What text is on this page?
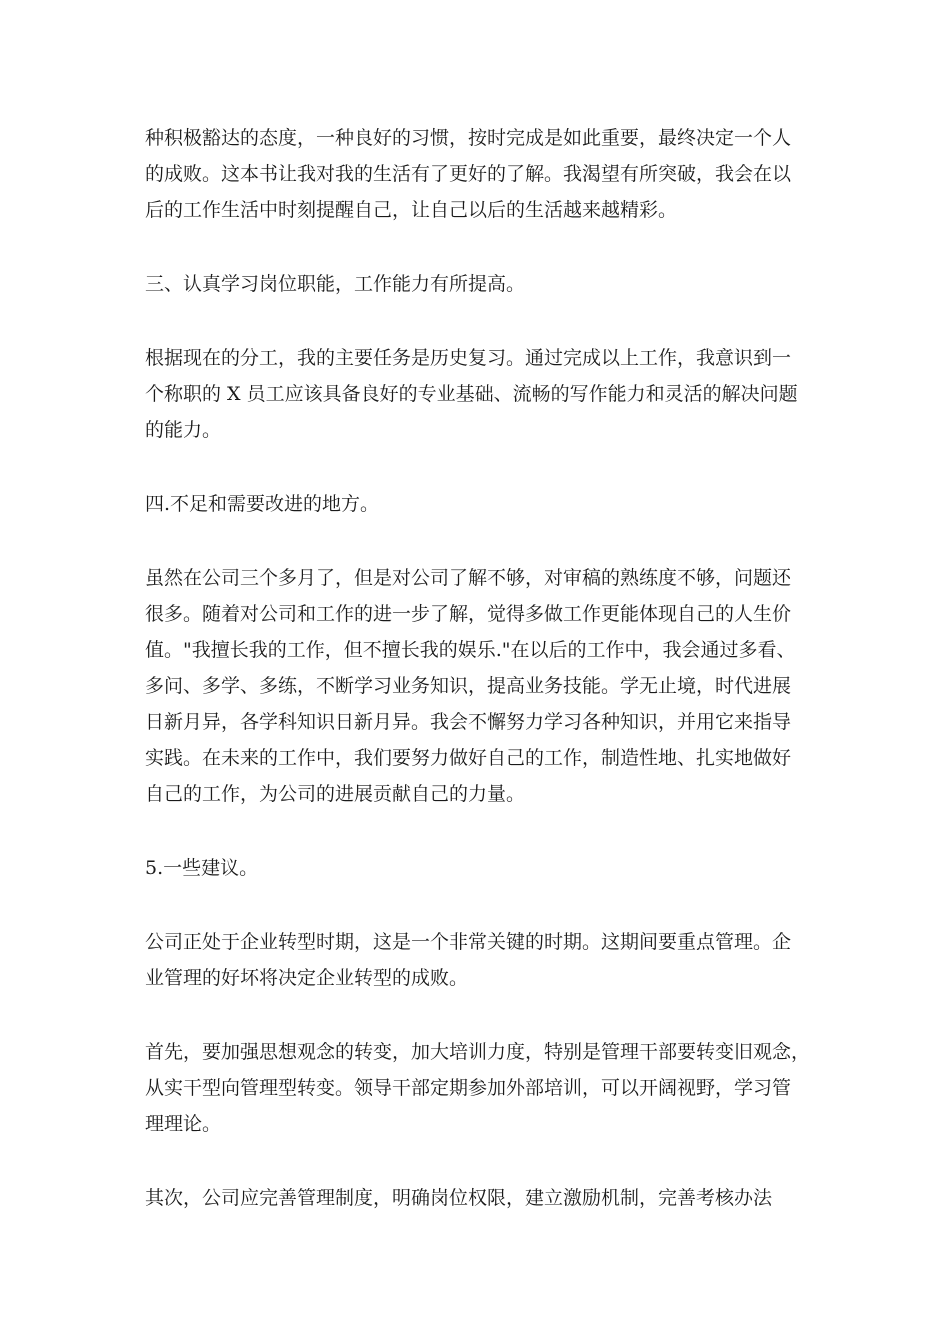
种积极豁达的态度，一种良好的习惯，按时完成是如此重要，最终决定一个人
的成败。这本书让我对我的生活有了更好的了解。我渴望有所突破，我会在以
后的工作生活中时刻提醒自己，让自己以后的生活越来越精彩。

三、认真学习岗位职能，工作能力有所提高。

根据现在的分工，我的主要任务是历史复习。通过完成以上工作，我意识到一
个称职的 X 员工应该具备良好的专业基础、流畅的写作能力和灵活的解决问题
的能力。

四.不足和需要改进的地方。

虽然在公司三个多月了，但是对公司了解不够，对审稿的熟练度不够，问题还
很多。随着对公司和工作的进一步了解，觉得多做工作更能体现自己的人生价
值。"我擅长我的工作，但不擅长我的娱乐."在以后的工作中，我会通过多看、
多问、多学、多练，不断学习业务知识，提高业务技能。学无止境，时代进展
日新月异，各学科知识日新月异。我会不懈努力学习各种知识，并用它来指导
实践。在未来的工作中，我们要努力做好自己的工作，制造性地、扎实地做好
自己的工作，为公司的进展贡献自己的力量。

5.一些建议。

公司正处于企业转型时期，这是一个非常关键的时期。这期间要重点管理。企
业管理的好坏将决定企业转型的成败。

首先，要加强思想观念的转变，加大培训力度，特别是管理干部要转变旧观念，
从实干型向管理型转变。领导干部定期参加外部培训，可以开阔视野，学习管
理理论。

其次，公司应完善管理制度，明确岗位权限，建立激励机制，完善考核办法
